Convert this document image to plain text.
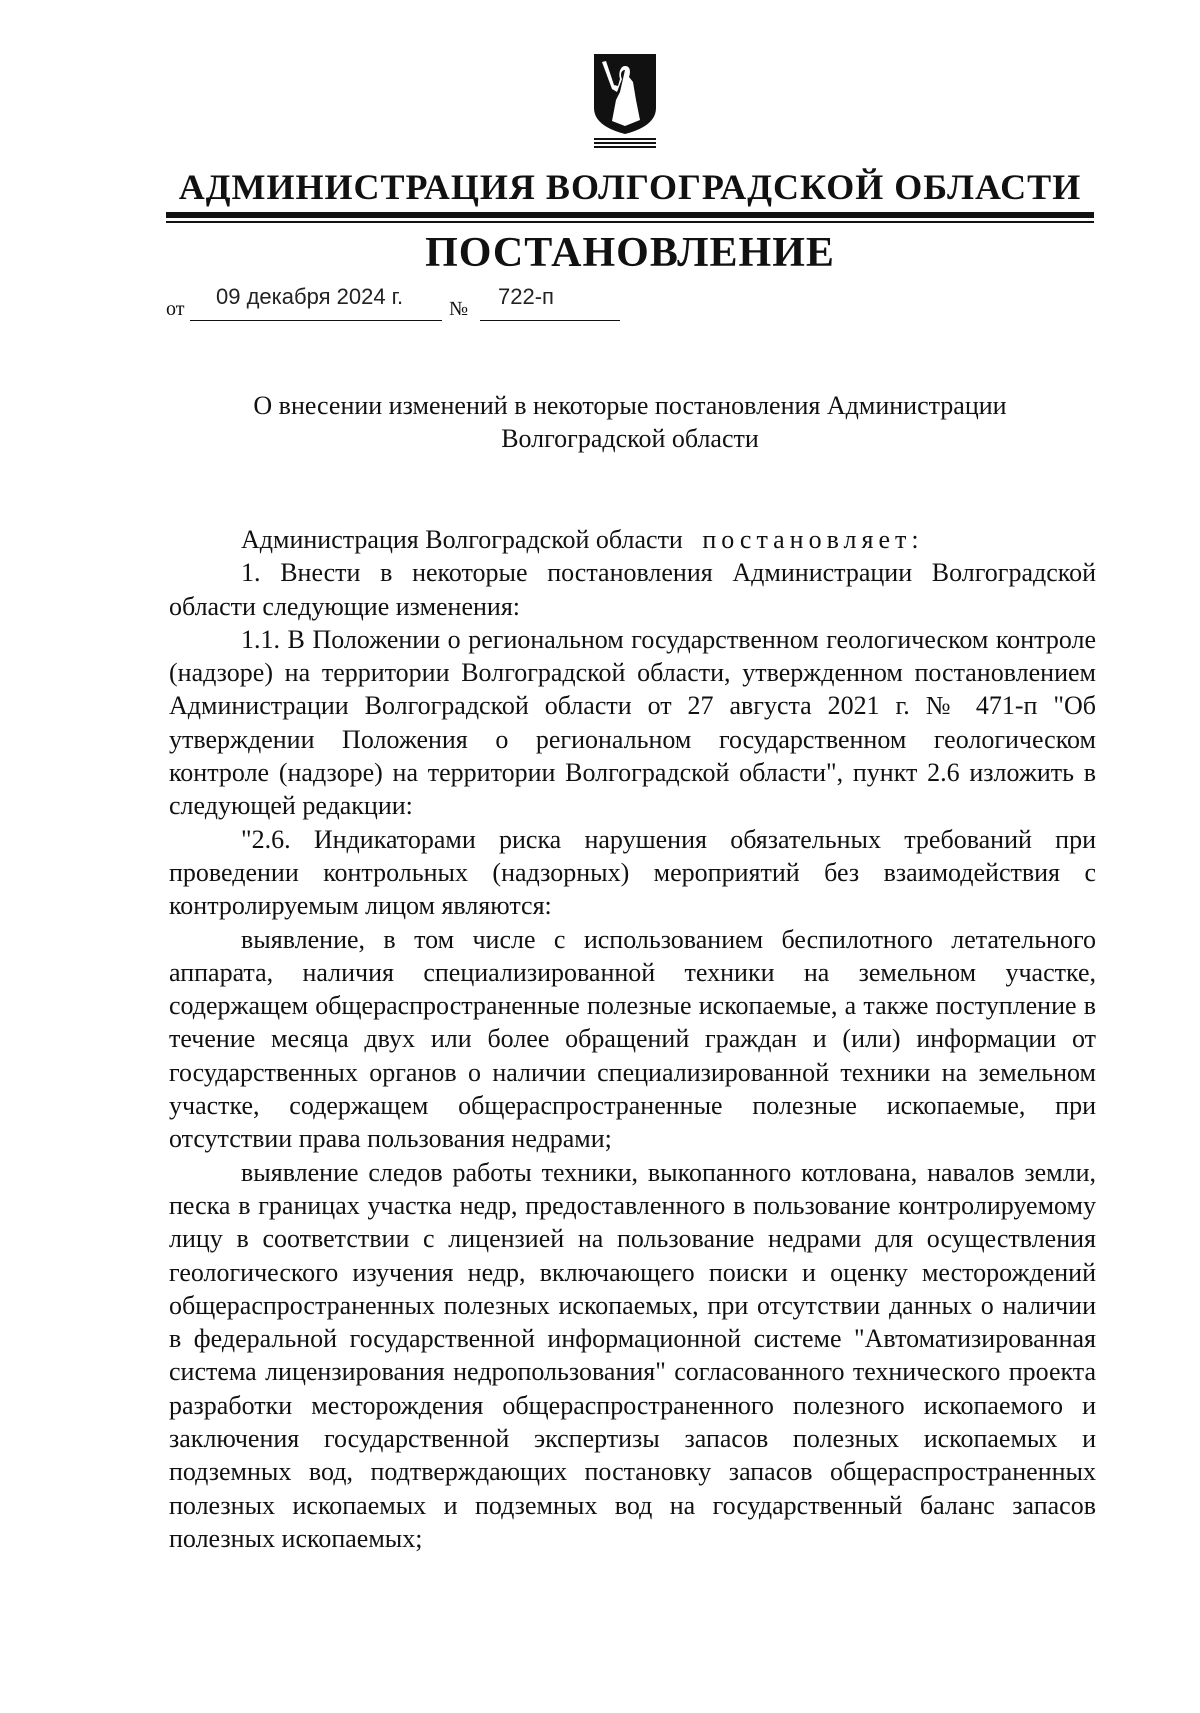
АДМИНИСТРАЦИЯ ВОЛГОГРАДСКОЙ ОБЛАСТИ
ПОСТАНОВЛЕНИЕ
от 09 декабря 2024 г. № 722-п
О внесении изменений в некоторые постановления Администрации Волгоградской области

Администрация Волгоградской области постановляет:

1. Внести в некоторые постановления Администрации Волгоградской области следующие изменения:

1.1. В Положении о региональном государственном геологическом контроле (надзоре) на территории Волгоградской области, утвержденном постановлением Администрации Волгоградской области от 27 августа 2021 г. № 471-п "Об утверждении Положения о региональном государственном геологическом контроле (надзоре) на территории Волгоградской области", пункт 2.6 изложить в следующей редакции:

"2.6. Индикаторами риска нарушения обязательных требований при проведении контрольных (надзорных) мероприятий без взаимодействия с контролируемым лицом являются:

выявление, в том числе с использованием беспилотного летательного аппарата, наличия специализированной техники на земельном участке, содержащем общераспространенные полезные ископаемые, а также поступление в течение месяца двух или более обращений граждан и (или) информации от государственных органов о наличии специализированной техники на земельном участке, содержащем общераспространенные полезные ископаемые, при отсутствии права пользования недрами;

выявление следов работы техники, выкопанного котлована, навалов земли, песка в границах участка недр, предоставленного в пользование контролируемому лицу в соответствии с лицензией на пользование недрами для осуществления геологического изучения недр, включающего поиски и оценку месторождений общераспространенных полезных ископаемых, при отсутствии данных о наличии в федеральной государственной информационной системе "Автоматизированная система лицензирования недропользования" согласованного технического проекта разработки месторождения общераспространенного полезного ископаемого и заключения государственной экспертизы запасов полезных ископаемых и подземных вод, подтверждающих постановку запасов общераспространенных полезных ископаемых и подземных вод на государственный баланс запасов полезных ископаемых;
